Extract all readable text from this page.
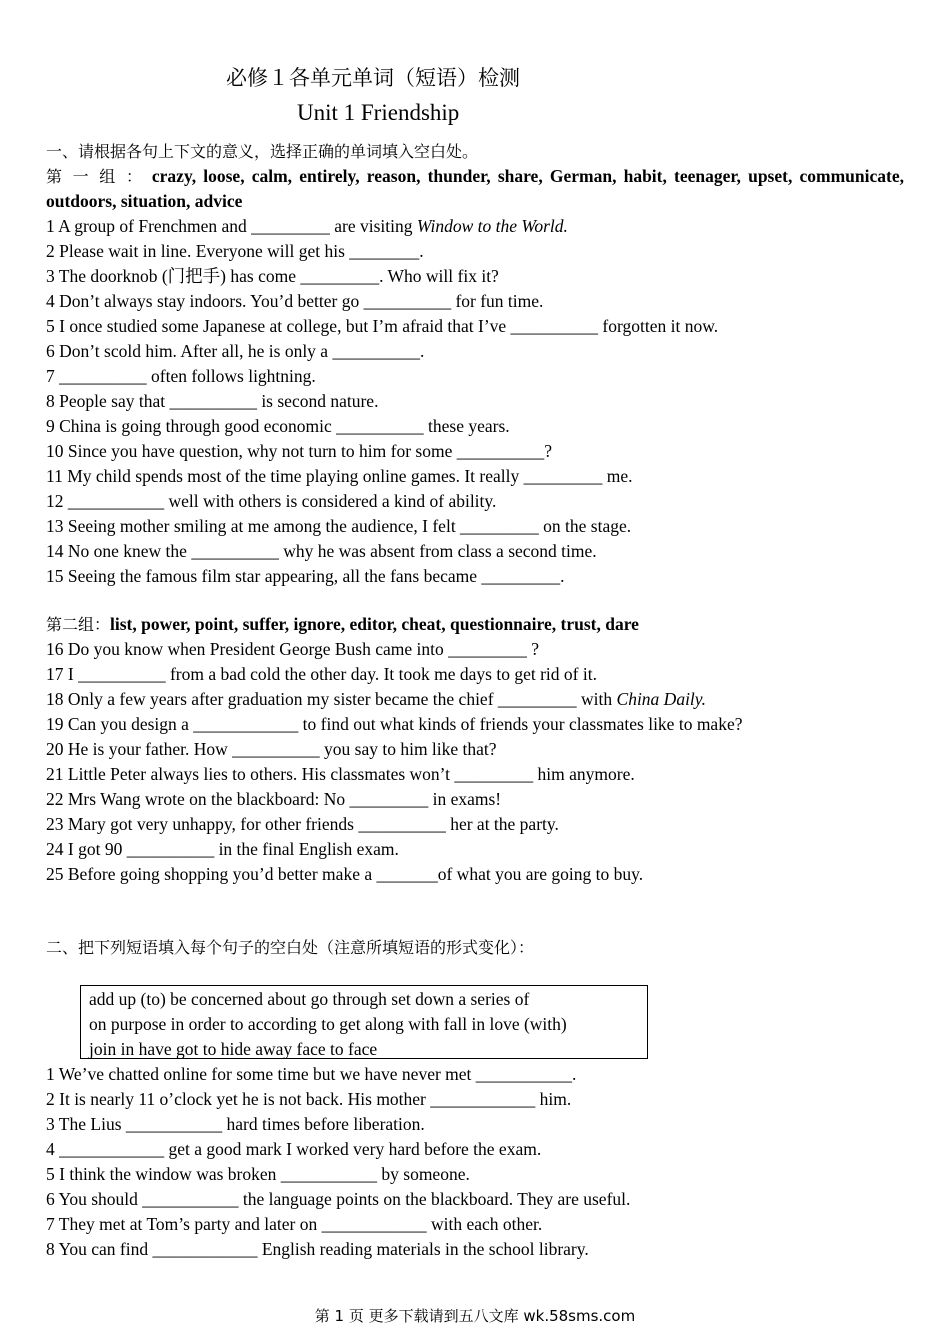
必修１各单元单词（短语）检测
Unit 1 Friendship
一、请根据各句上下文的意义，选择正确的单词填入空白处。
第 一 组 ： crazy, loose, calm, entirely, reason, thunder, share, German, habit, teenager, upset, communicate, outdoors, situation, advice
1 A group of Frenchmen and _________ are visiting Window to the World.
2 Please wait in line. Everyone will get his ________.
3 The doorknob (门把手) has come _________. Who will fix it?
4 Don’t always stay indoors. You’d better go __________ for fun time.
5 I once studied some Japanese at college, but I’m afraid that I’ve __________ forgotten it now.
6 Don’t scold him. After all, he is only a __________.
7 __________ often follows lightning.
8 People say that __________ is second nature.
9 China is going through good economic __________ these years.
10 Since you have question, why not turn to him for some __________?
11 My child spends most of the time playing online games. It really _________ me.
12 ___________ well with others is considered a kind of ability.
13 Seeing mother smiling at me among the audience, I felt _________ on the stage.
14 No one knew the __________ why he was absent from class a second time.
15 Seeing the famous film star appearing, all the fans became _________.
第二组：list, power, point, suffer, ignore, editor, cheat, questionnaire, trust, dare
16 Do you know when President George Bush came into _________ ?
17 I __________ from a bad cold the other day. It took me days to get rid of it.
18 Only a few years after graduation my sister became the chief _________ with China Daily.
19 Can you design a ____________ to find out what kinds of friends your classmates like to make?
20 He is your father. How __________ you say to him like that?
21 Little Peter always lies to others. His classmates won’t _________ him anymore.
22 Mrs Wang wrote on the blackboard: No _________ in exams!
23 Mary got very unhappy, for other friends __________ her at the party.
24 I got 90 __________ in the final English exam.
25 Before going shopping you’d better make a _______of what you are going to buy.
二、把下列短语填入每个句子的空白处（注意所填短语的形式变化）：
add up (to) be concerned about go through set down a series of
on purpose in order to according to get along with fall in love (with)
join in have got to hide away face to face
1 We’ve chatted online for some time but we have never met ___________.
2 It is nearly 11 o’clock yet he is not back. His mother ____________ him.
3 The Lius ___________ hard times before liberation.
4 ____________ get a good mark I worked very hard before the exam.
5 I think the window was broken ___________ by someone.
6 You should ___________ the language points on the blackboard. They are useful.
7 They met at Tom’s party and later on ____________ with each other.
8 You can find ____________ English reading materials in the school library.
第 1 页 更多下载请到五八文库 wk.58sms.com
